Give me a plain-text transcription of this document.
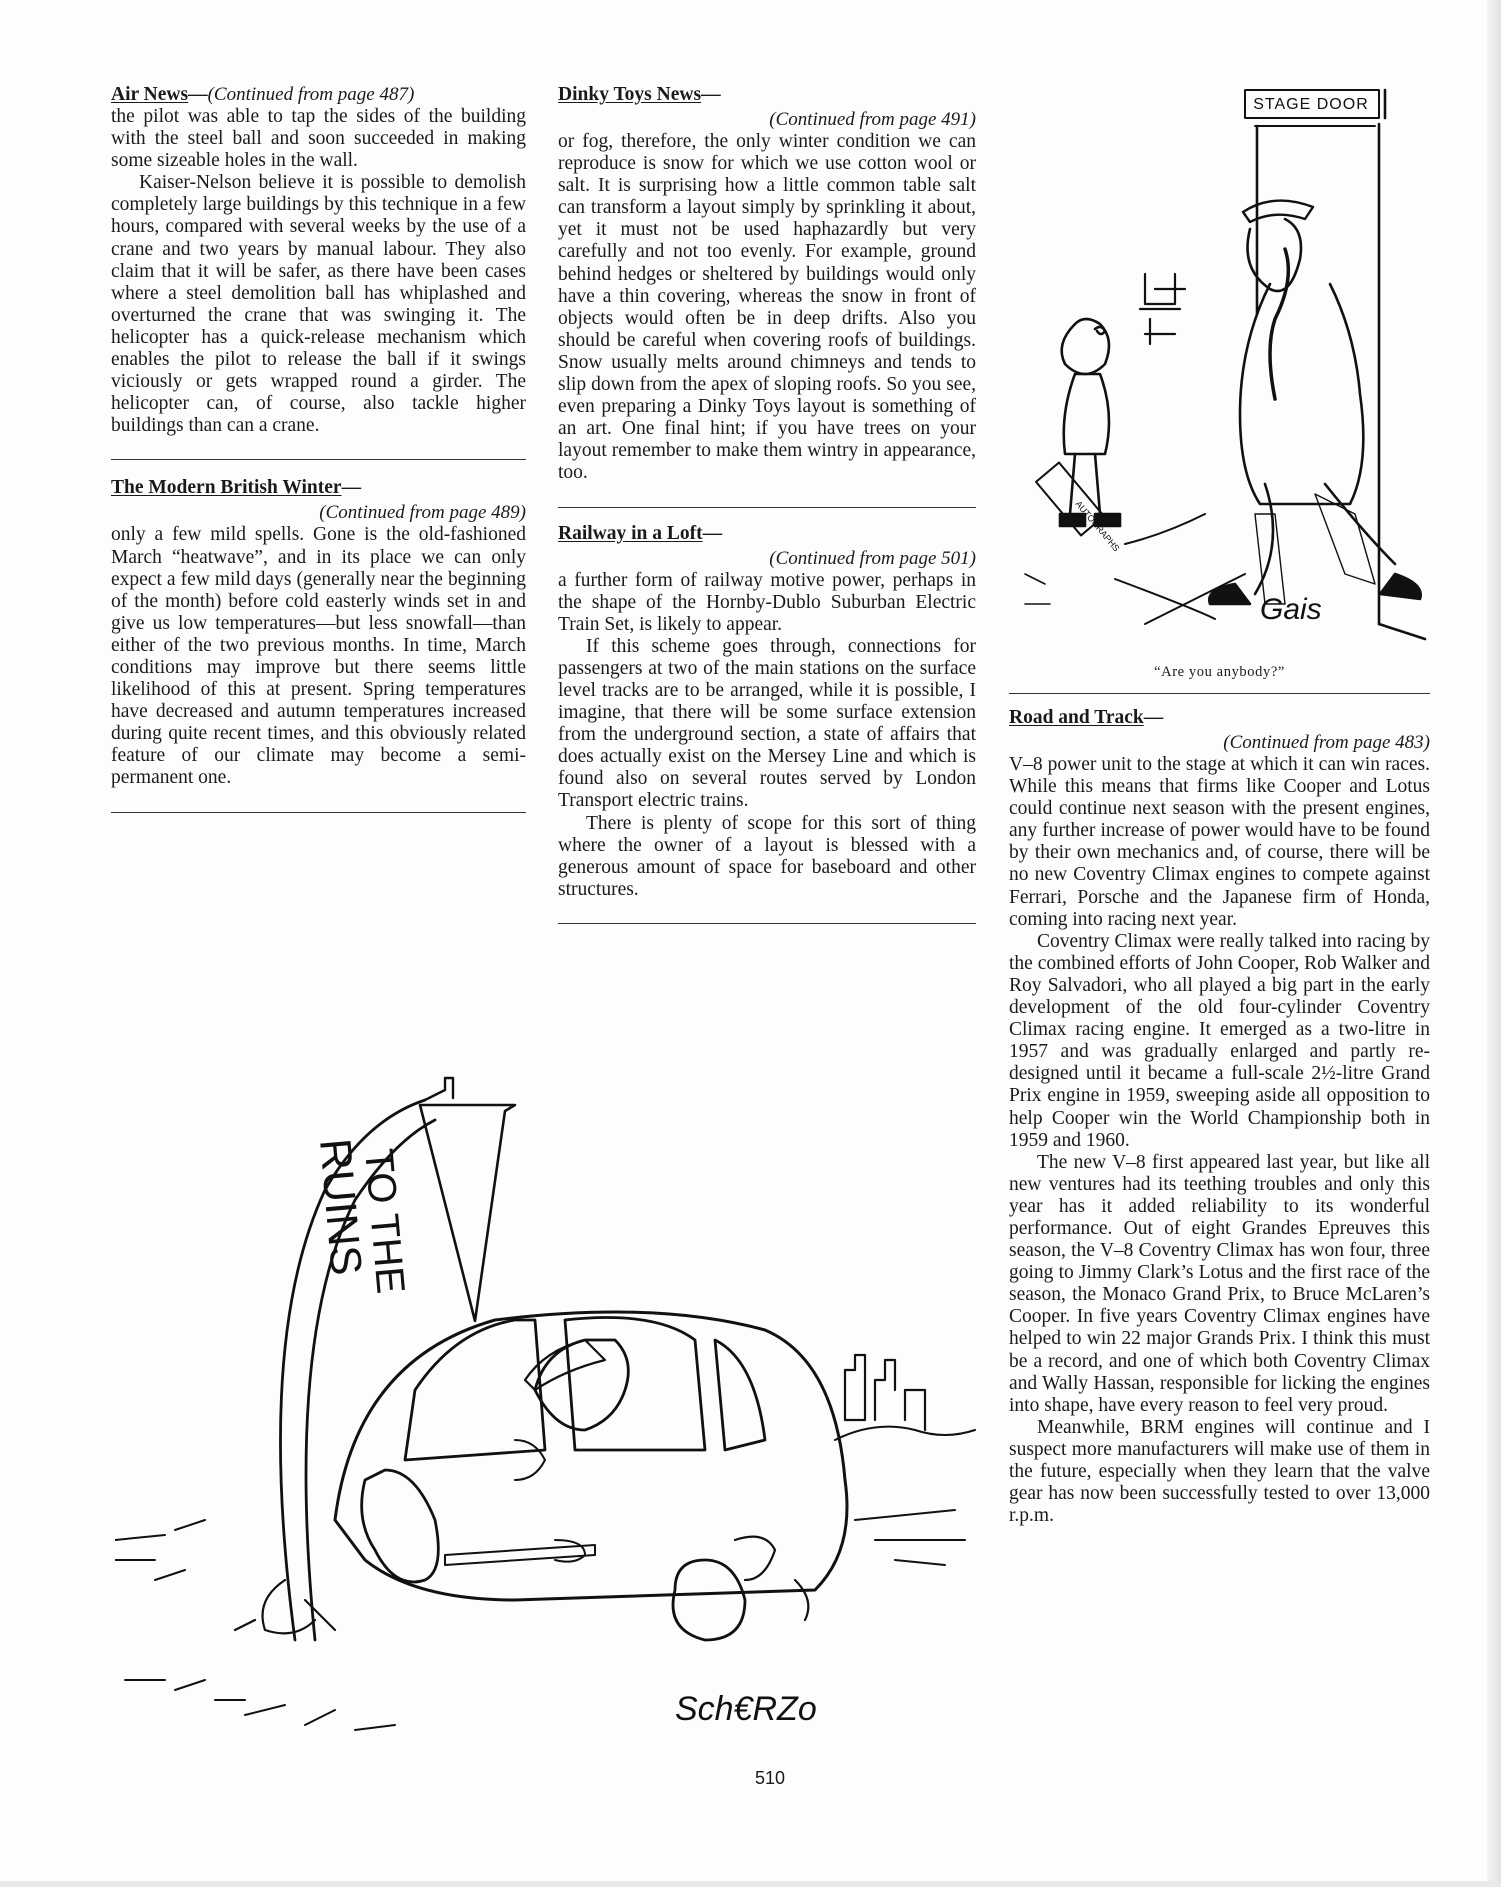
Air News—(Continued from page 487)

the pilot was able to tap the sides of the building with the steel ball and soon succeeded in making some sizeable holes in the wall.

Kaiser-Nelson believe it is possible to demolish completely large buildings by this technique in a few hours, compared with several weeks by the use of a crane and two years by manual labour. They also claim that it will be safer, as there have been cases where a steel demolition ball has whiplashed and overturned the crane that was swinging it. The helicopter has a quick-release mechanism which enables the pilot to release the ball if it swings viciously or gets wrapped round a girder. The helicopter can, of course, also tackle higher buildings than can a crane.

The Modern British Winter—

(Continued from page 489)

only a few mild spells. Gone is the old-fashioned March “heatwave”, and in its place we can only expect a few mild days (generally near the beginning of the month) before cold easterly winds set in and give us low temperatures—but less snowfall—than either of the two previous months. In time, March conditions may improve but there seems little likelihood of this at present. Spring temperatures have decreased and autumn temperatures increased during quite recent times, and this obviously related feature of our climate may become a semi-permanent one.

Dinky Toys News—

(Continued from page 491)

or fog, therefore, the only winter condition we can reproduce is snow for which we use cotton wool or salt. It is surprising how a little common table salt can transform a layout simply by sprinkling it about, yet it must not be used haphazardly but very carefully and not too evenly. For example, ground behind hedges or sheltered by buildings would only have a thin covering, whereas the snow in front of objects would often be in deep drifts. Also you should be careful when covering roofs of buildings. Snow usually melts around chimneys and tends to slip down from the apex of sloping roofs. So you see, even preparing a Dinky Toys layout is something of an art. One final hint; if you have trees on your layout remember to make them wintry in appearance, too.

Railway in a Loft—

(Continued from page 501)

a further form of railway motive power, perhaps in the shape of the Hornby-Dublo Suburban Electric Train Set, is likely to appear.

If this scheme goes through, connections for passengers at two of the main stations on the surface level tracks are to be arranged, while it is possible, I imagine, that there will be some surface extension from the underground section, a state of affairs that does actually exist on the Mersey Line and which is found also on several routes served by London Transport electric trains.

There is plenty of scope for this sort of thing where the owner of a layout is blessed with a generous amount of space for baseboard and other structures.

STAGE DOOR
AUTOGRAPHS
Gais
“Are you anybody?”

Road and Track—

(Continued from page 483)

V–8 power unit to the stage at which it can win races. While this means that firms like Cooper and Lotus could continue next season with the present engines, any further increase of power would have to be found by their own mechanics and, of course, there will be no new Coventry Climax engines to compete against Ferrari, Porsche and the Japanese firm of Honda, coming into racing next year.

Coventry Climax were really talked into racing by the combined efforts of John Cooper, Rob Walker and Roy Salvadori, who all played a big part in the early development of the old four-cylinder Coventry Climax racing engine. It emerged as a two-litre in 1957 and was gradually enlarged and partly re-designed until it became a full-scale 2½-litre Grand Prix engine in 1959, sweeping aside all opposition to help Cooper win the World Championship both in 1959 and 1960.

The new V–8 first appeared last year, but like all new ventures had its teething troubles and only this year has it added reliability to its wonderful performance. Out of eight Grandes Epreuves this season, the V–8 Coventry Climax has won four, three going to Jimmy Clark’s Lotus and the first race of the season, the Monaco Grand Prix, to Bruce McLaren’s Cooper. In five years Coventry Climax engines have helped to win 22 major Grands Prix. I think this must be a record, and one of which both Coventry Climax and Wally Hassan, responsible for licking the engines into shape, have every reason to feel very proud.

Meanwhile, BRM engines will continue and I suspect more manufacturers will make use of them in the future, especially when they learn that the valve gear has now been successfully tested to over 13,000 r.p.m.

TO THE
RUINS
Sch€RZo
510
